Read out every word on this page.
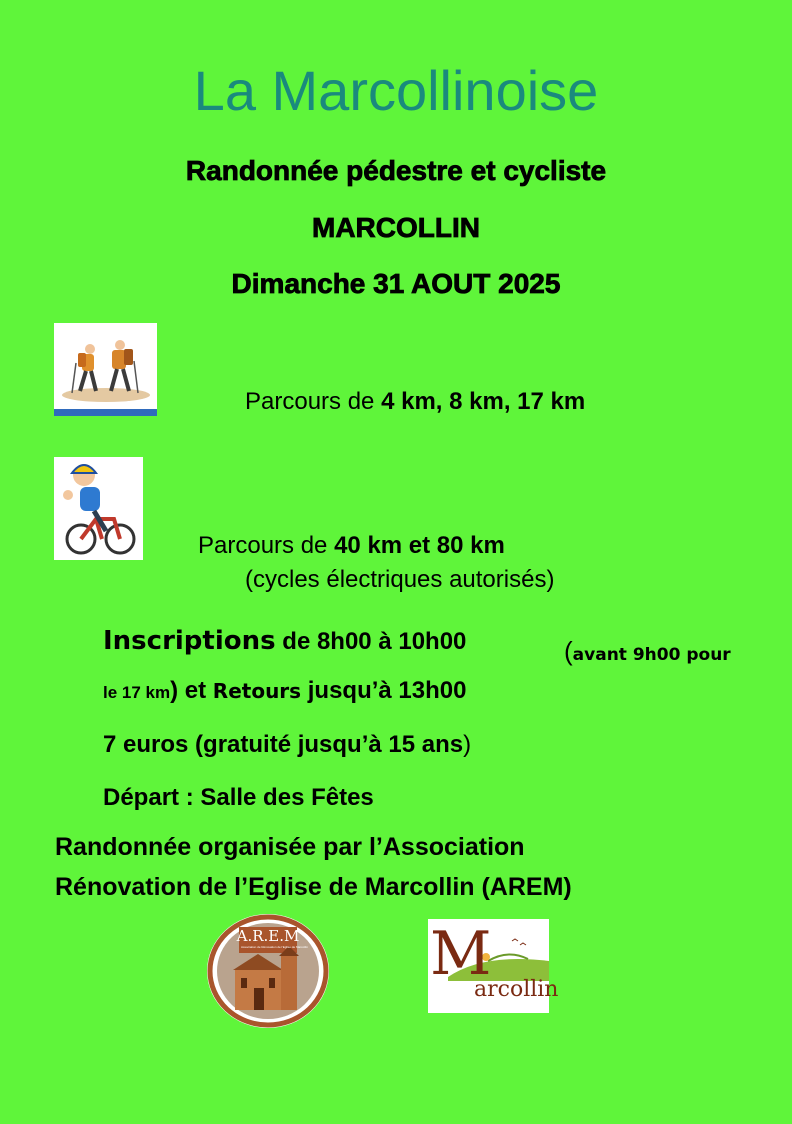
La Marcollinoise
Randonnée pédestre et cycliste
MARCOLLIN
Dimanche 31 AOUT 2025
Parcours de 4 km, 8 km, 17 km
Parcours de 40 km et 80 km
(cycles électriques autorisés)
Inscriptions de 8h00 à 10h00	(avant 9h00 pour
le 17 km) et Retours jusqu’à 13h00
7 euros (gratuité jusqu’à 15 ans)
Départ : Salle des Fêtes
Randonnée organisée par l’Association
Rénovation de l’Eglise de Marcollin (AREM)
A.R.E.M
Association de Rénovation de l'Eglise de Marcollin M
arcollin
